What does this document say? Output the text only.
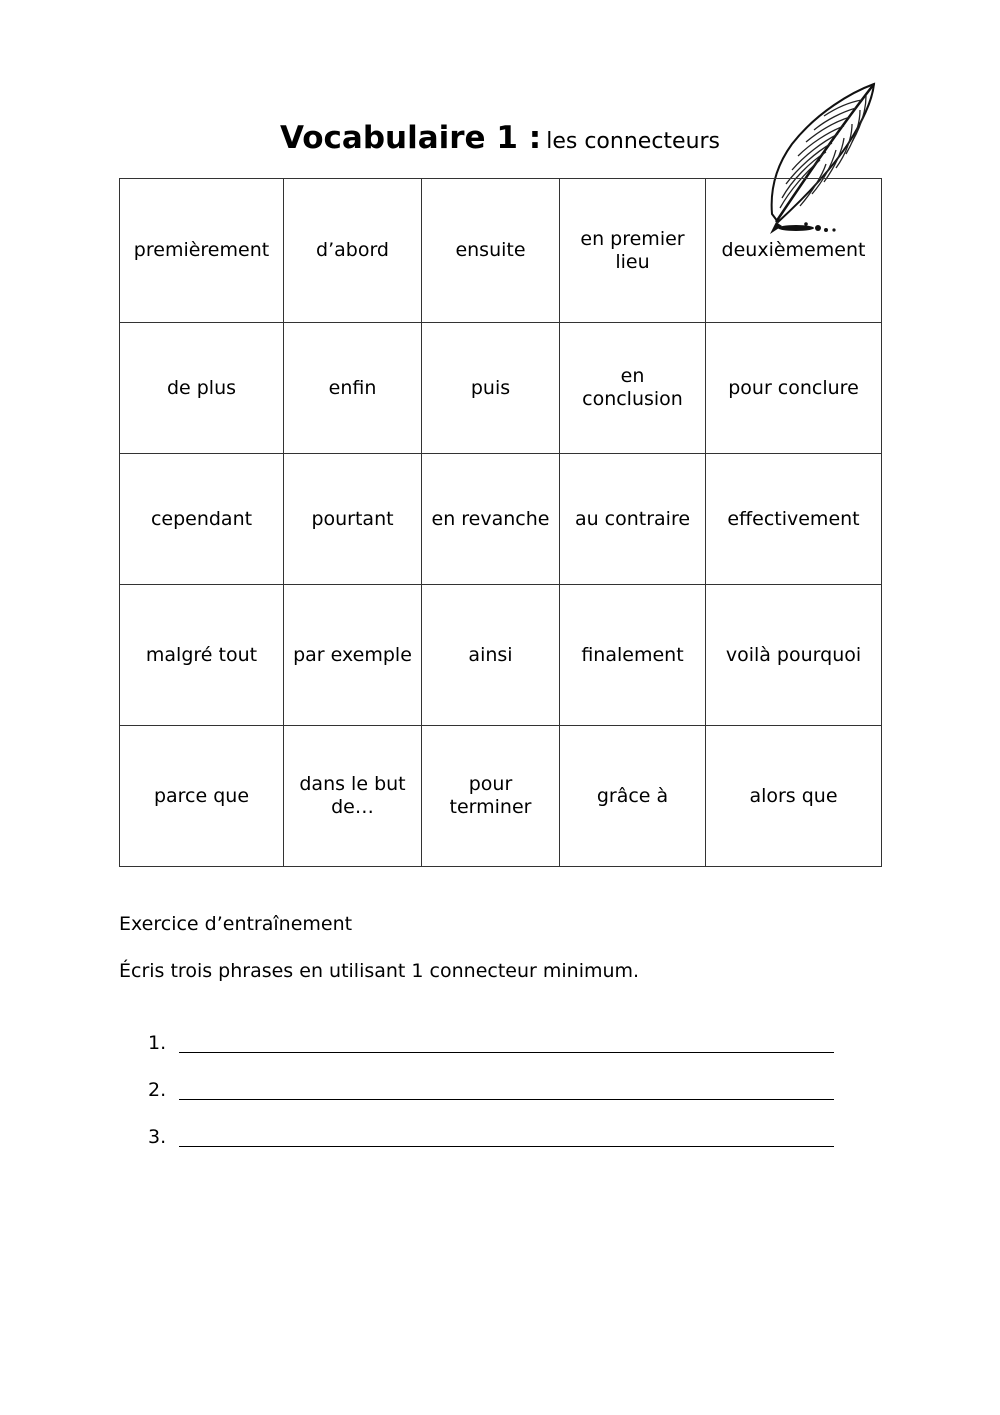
Vocabulaire 1 : les connecteurs
premièrement	d’abord	ensuite	en premier lieu	deuxièmement
de plus	enfin	puis	en conclusion	pour conclure
cependant	pourtant	en revanche	au contraire	effectivement
malgré tout	par exemple	ainsi	finalement	voilà pourquoi
parce que	dans le but de…	pour terminer	grâce à	alors que
Exercice d’entraînement
Écris trois phrases en utilisant 1 connecteur minimum.
1.
2.
3.
